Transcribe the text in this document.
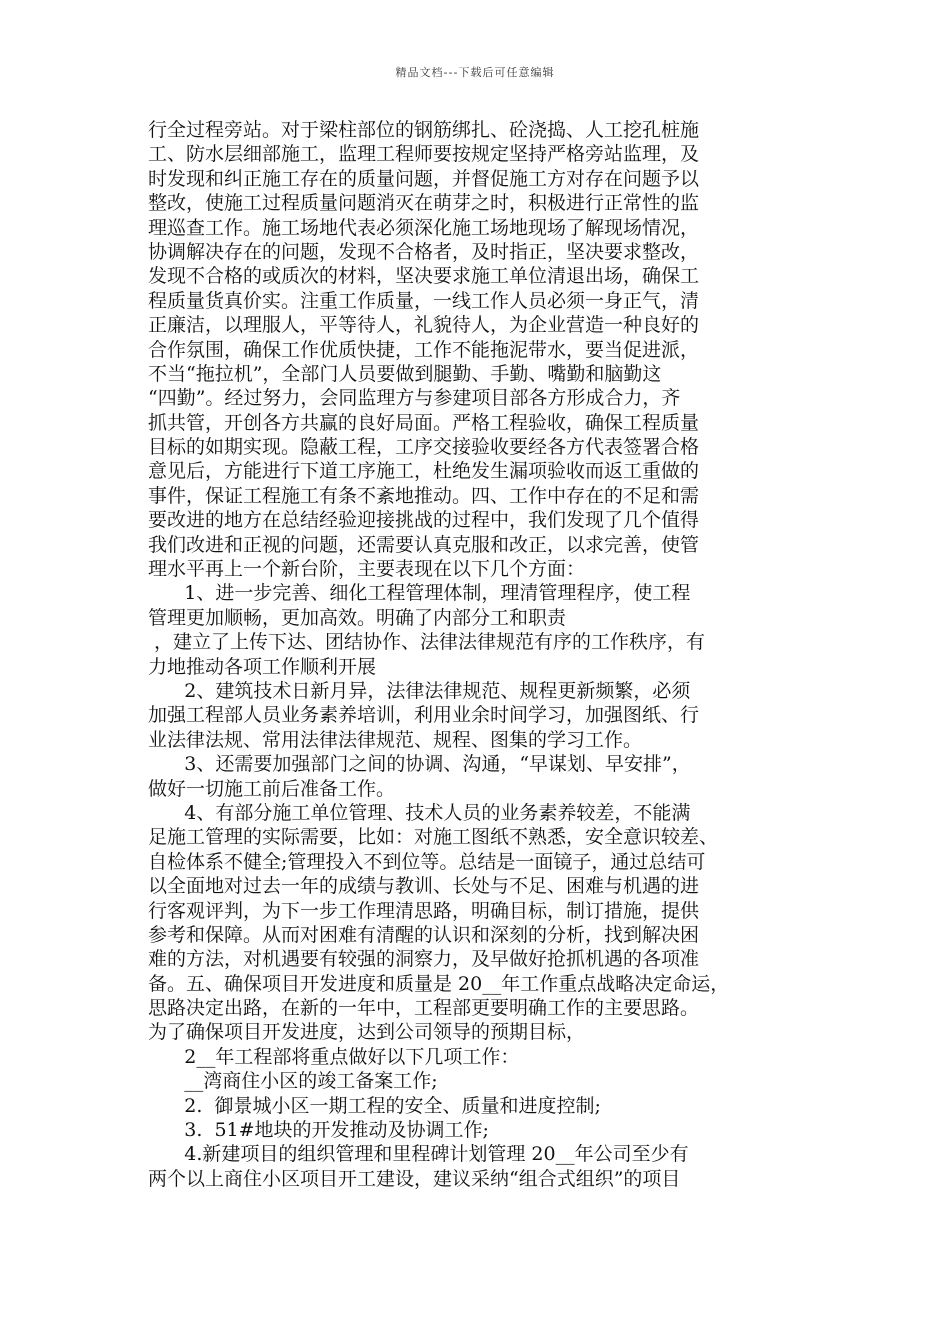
精品文档---下载后可任意编辑
行全过程旁站。对于梁柱部位的钢筋绑扎、砼浇捣、人工挖孔桩施
工、防水层细部施工，监理工程师要按规定坚持严格旁站监理，及
时发现和纠正施工存在的质量问题，并督促施工方对存在问题予以
整改，使施工过程质量问题消灭在萌芽之时，积极进行正常性的监
理巡查工作。施工场地代表必须深化施工场地现场了解现场情况，
协调解决存在的问题，发现不合格者，及时指正，坚决要求整改，
发现不合格的或质次的材料，坚决要求施工单位清退出场，确保工
程质量货真价实。注重工作质量，一线工作人员必须一身正气，清
正廉洁，以理服人，平等待人，礼貌待人，为企业营造一种良好的
合作氛围，确保工作优质快捷，工作不能拖泥带水，要当促进派，
不当“拖拉机”，全部门人员要做到腿勤、手勤、嘴勤和脑勤这
“四勤”。经过努力，会同监理方与参建项目部各方形成合力，齐
抓共管，开创各方共赢的良好局面。严格工程验收，确保工程质量
目标的如期实现。隐蔽工程，工序交接验收要经各方代表签署合格
意见后，方能进行下道工序施工，杜绝发生漏项验收而返工重做的
事件，保证工程施工有条不紊地推动。四、工作中存在的不足和需
要改进的地方在总结经验迎接挑战的过程中，我们发现了几个值得
我们改进和正视的问题，还需要认真克服和改正，以求完善，使管
理水平再上一个新台阶，主要表现在以下几个方面：
1、进一步完善、细化工程管理体制，理清管理程序，使工程
管理更加顺畅，更加高效。明确了内部分工和职责
，建立了上传下达、团结协作、法律法律规范有序的工作秩序，有
力地推动各项工作顺利开展
2、建筑技术日新月异，法律法律规范、规程更新频繁，必须
加强工程部人员业务素养培训，利用业余时间学习，加强图纸、行
业法律法规、常用法律法律规范、规程、图集的学习工作。
3、还需要加强部门之间的协调、沟通，“早谋划、早安排”，
做好一切施工前后准备工作。
4、有部分施工单位管理、技术人员的业务素养较差，不能满
足施工管理的实际需要，比如：对施工图纸不熟悉，安全意识较差、
自检体系不健全;管理投入不到位等。总结是一面镜子，通过总结可
以全面地对过去一年的成绩与教训、长处与不足、困难与机遇的进
行客观评判，为下一步工作理清思路，明确目标，制订措施，提供
参考和保障。从而对困难有清醒的认识和深刻的分析，找到解决困
难的方法，对机遇要有较强的洞察力，及早做好抢抓机遇的各项准
备。五、确保项目开发进度和质量是 20__年工作重点战略决定命运，
思路决定出路，在新的一年中，工程部更要明确工作的主要思路。
为了确保项目开发进度，达到公司领导的预期目标，
2__年工程部将重点做好以下几项工作：
__湾商住小区的竣工备案工作;
2.  御景城小区一期工程的安全、质量和进度控制;
3.  51#地块的开发推动及协调工作;
4.新建项目的组织管理和里程碑计划管理 20__年公司至少有
两个以上商住小区项目开工建设，建议采纳“组合式组织”的项目
